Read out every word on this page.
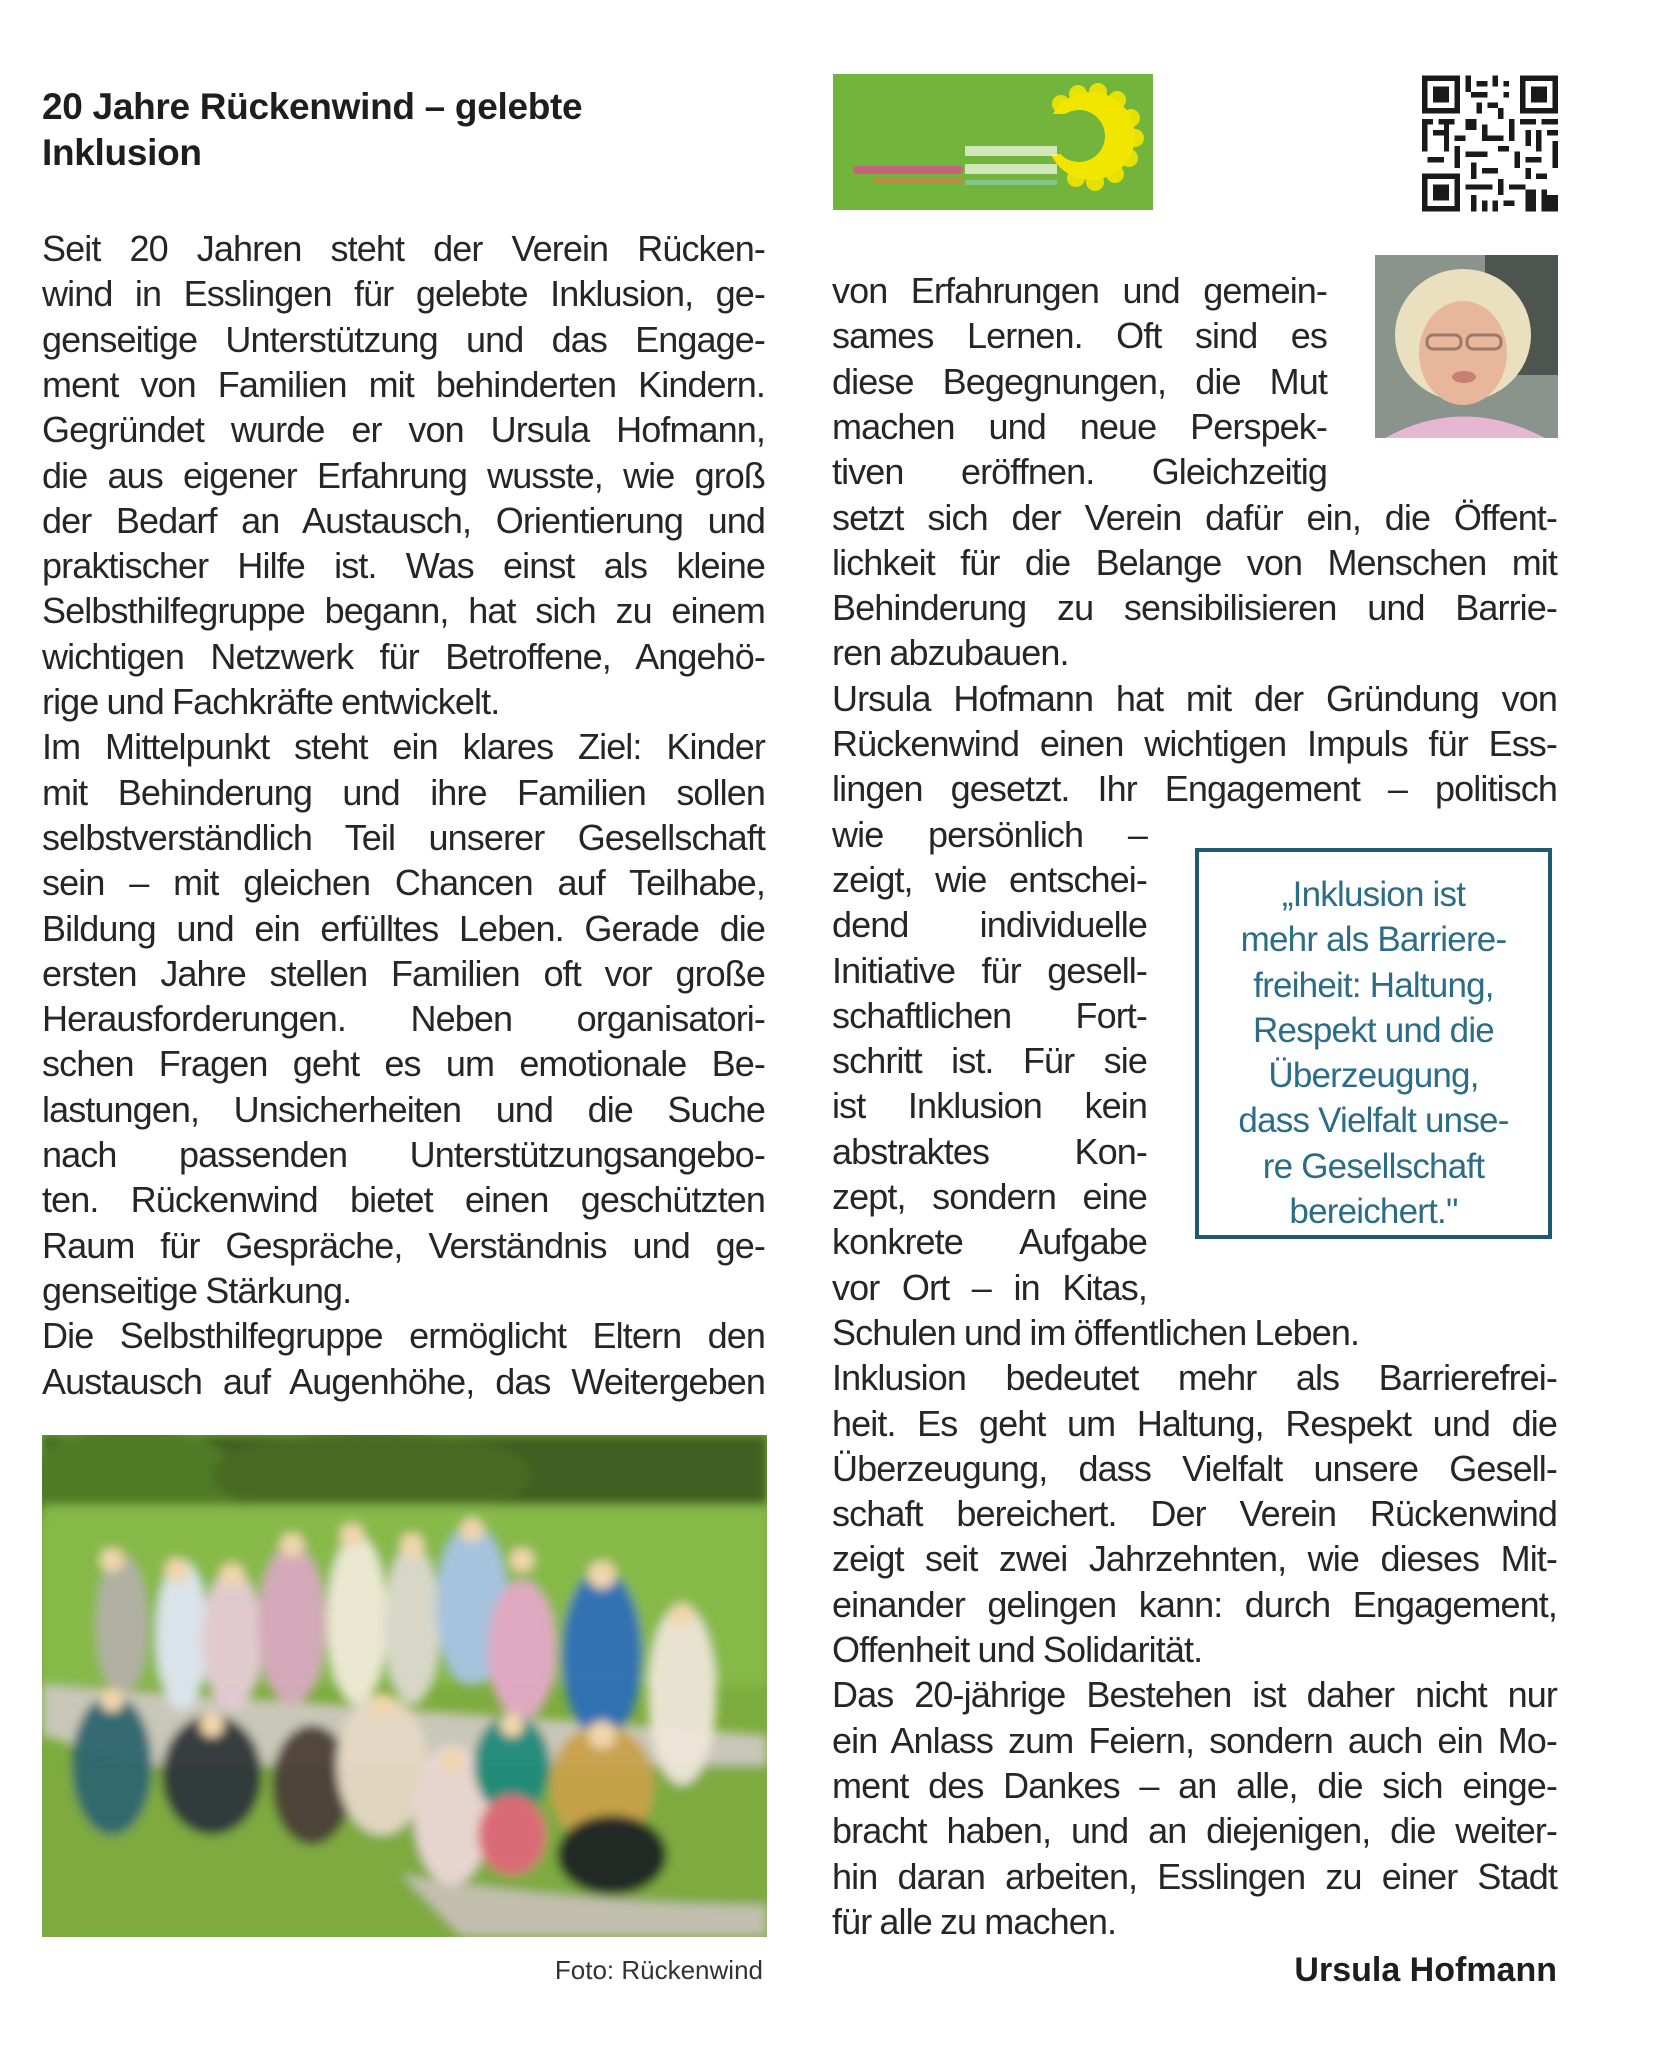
20 Jahre Rückenwind – gelebte
Inklusion
Seit 20 Jahren steht der Verein Rücken-
wind in Esslingen für gelebte Inklusion, ge-
genseitige Unterstützung und das Engage-
ment von Familien mit behinderten Kindern.
Gegründet wurde er von Ursula Hofmann,
die aus eigener Erfahrung wusste, wie groß
der Bedarf an Austausch, Orientierung und
praktischer Hilfe ist. Was einst als kleine
Selbsthilfegruppe begann, hat sich zu einem
wichtigen Netzwerk für Betroffene, Angehö-
rige und Fachkräfte entwickelt.
Im Mittelpunkt steht ein klares Ziel: Kinder
mit Behinderung und ihre Familien sollen
selbstverständlich Teil unserer Gesellschaft
sein – mit gleichen Chancen auf Teilhabe,
Bildung und ein erfülltes Leben. Gerade die
ersten Jahre stellen Familien oft vor große
Herausforderungen. Neben organisatori-
schen Fragen geht es um emotionale Be-
lastungen, Unsicherheiten und die Suche
nach passenden Unterstützungsangebo-
ten. Rückenwind bietet einen geschützten
Raum für Gespräche, Verständnis und ge-
genseitige Stärkung.
Die Selbsthilfegruppe ermöglicht Eltern den
Austausch auf Augenhöhe, das Weitergeben
Foto: Rückenwind
von Erfahrungen und gemein-
sames Lernen. Oft sind es
diese Begegnungen, die Mut
machen und neue Perspek-
tiven eröffnen. Gleichzeitig
setzt sich der Verein dafür ein, die Öffent-
lichkeit für die Belange von Menschen mit
Behinderung zu sensibilisieren und Barrie-
ren abzubauen.
Ursula Hofmann hat mit der Gründung von
Rückenwind einen wichtigen Impuls für Ess-
lingen gesetzt. Ihr Engagement – politisch
wie persönlich –
zeigt, wie entschei-
dend individuelle
Initiative für gesell-
schaftlichen Fort-
schritt ist. Für sie
ist Inklusion kein
abstraktes Kon-
zept, sondern eine
konkrete Aufgabe
vor Ort – in Kitas,
Schulen und im öffentlichen Leben.
Inklusion bedeutet mehr als Barrierefrei-
heit. Es geht um Haltung, Respekt und die
Überzeugung, dass Vielfalt unsere Gesell-
schaft bereichert. Der Verein Rückenwind
zeigt seit zwei Jahrzehnten, wie dieses Mit-
einander gelingen kann: durch Engagement,
Offenheit und Solidarität.
Das 20-jährige Bestehen ist daher nicht nur
ein Anlass zum Feiern, sondern auch ein Mo-
ment des Dankes – an alle, die sich einge-
bracht haben, und an diejenigen, die weiter-
hin daran arbeiten, Esslingen zu einer Stadt
für alle zu machen.
„Inklusion ist
mehr als Barriere-
freiheit: Haltung,
Respekt und die
Überzeugung,
dass Vielfalt unse-
re Gesellschaft
bereichert."
Ursula Hofmann
